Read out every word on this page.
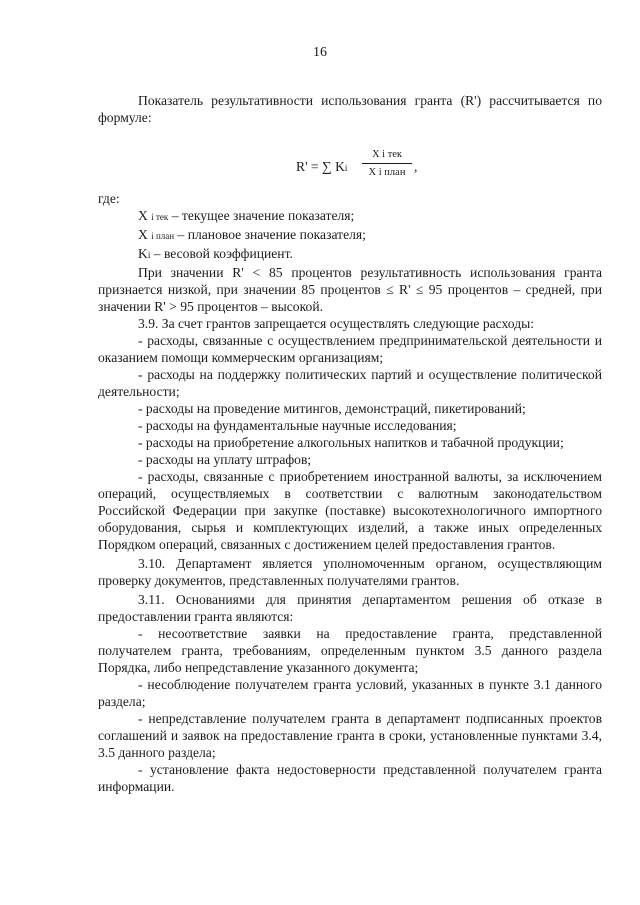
16

Показатель результативности использования гранта (R') рассчитывается по формуле:

R' = ∑ Ki
X i тек
X i план ,

где:

X i тек – текущее значение показателя;

X i план – плановое значение показателя;

Ki – весовой коэффициент.

При значении R' < 85 процентов результативность использования гранта признается низкой, при значении 85 процентов ≤ R' ≤ 95 процентов – средней, при значении R' > 95 процентов – высокой.

3.9. За счет грантов запрещается осуществлять следующие расходы:

- расходы, связанные с осуществлением предпринимательской деятельности и оказанием помощи коммерческим организациям;

- расходы на поддержку политических партий и осуществление политической деятельности;

- расходы на проведение митингов, демонстраций, пикетирований;

- расходы на фундаментальные научные исследования;

- расходы на приобретение алкогольных напитков и табачной продукции;

- расходы на уплату штрафов;

- расходы, связанные с приобретением иностранной валюты, за исключением операций, осуществляемых в соответствии с валютным законодательством Российской Федерации при закупке (поставке) высокотехнологичного импортного оборудования, сырья и комплектующих изделий, а также иных определенных Порядком операций, связанных с достижением целей предоставления грантов.

3.10. Департамент является уполномоченным органом, осуществляющим проверку документов, представленных получателями грантов.

3.11. Основаниями для принятия департаментом решения об отказе в предоставлении гранта являются:

- несоответствие заявки на предоставление гранта, представленной получателем гранта, требованиям, определенным пунктом 3.5 данного раздела Порядка, либо непредставление указанного документа;

- несоблюдение получателем гранта условий, указанных в пункте 3.1 данного раздела;

- непредставление получателем гранта в департамент подписанных проектов соглашений и заявок на предоставление гранта в сроки, установленные пунктами 3.4, 3.5 данного раздела;

- установление факта недостоверности представленной получателем гранта информации.
